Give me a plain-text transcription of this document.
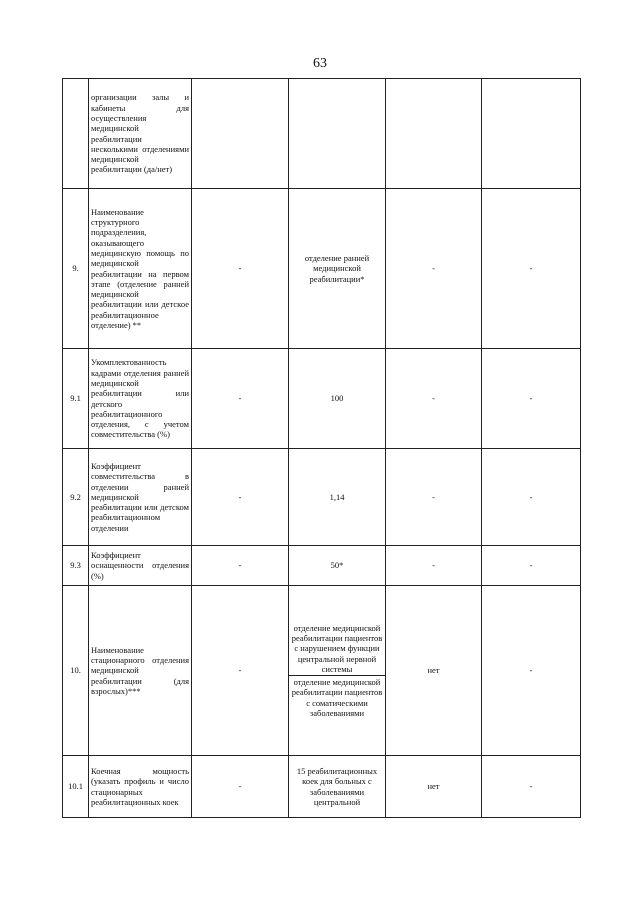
63

	организации залы и кабинеты для осуществления медицинской реабилитации несколькими отделениями медицинской реабилитации (да/нет)				

9.	Наименование структурного подразделения, оказывающего медицинскую помощь по медицинской реабилитации на первом этапе (отделение ранней медицинской реабилитации или детское реабилитационное отделение) **	-	отделение ранней медицинской реабилитации*	-	-
9.1	Укомплектованность кадрами отделения ранней медицинской реабилитации или детского реабилитационного отделения, с учетом совместительства (%)	-	100	-	-
9.2	Коэффициент совместительства в отделении ранней медицинской реабилитации или детском реабилитационном отделении	-	1,14	-	-
9.3	Коэффициент оснащенности отделения (%)	-	50*	-	-
10.	Наименование стационарного отделения медицинской реабилитации (для взрослых)***	-	отделение медицинской реабилитации пациентов с нарушением функции центральной нервной системы
отделение медицинской реабилитации пациентов с соматическими заболеваниями	нет	-
10.1	Коечная мощность (указать профиль и число стационарных реабилитационных коек	-	15 реабилитационных коек для больных с заболеваниями центральной	нет	-
